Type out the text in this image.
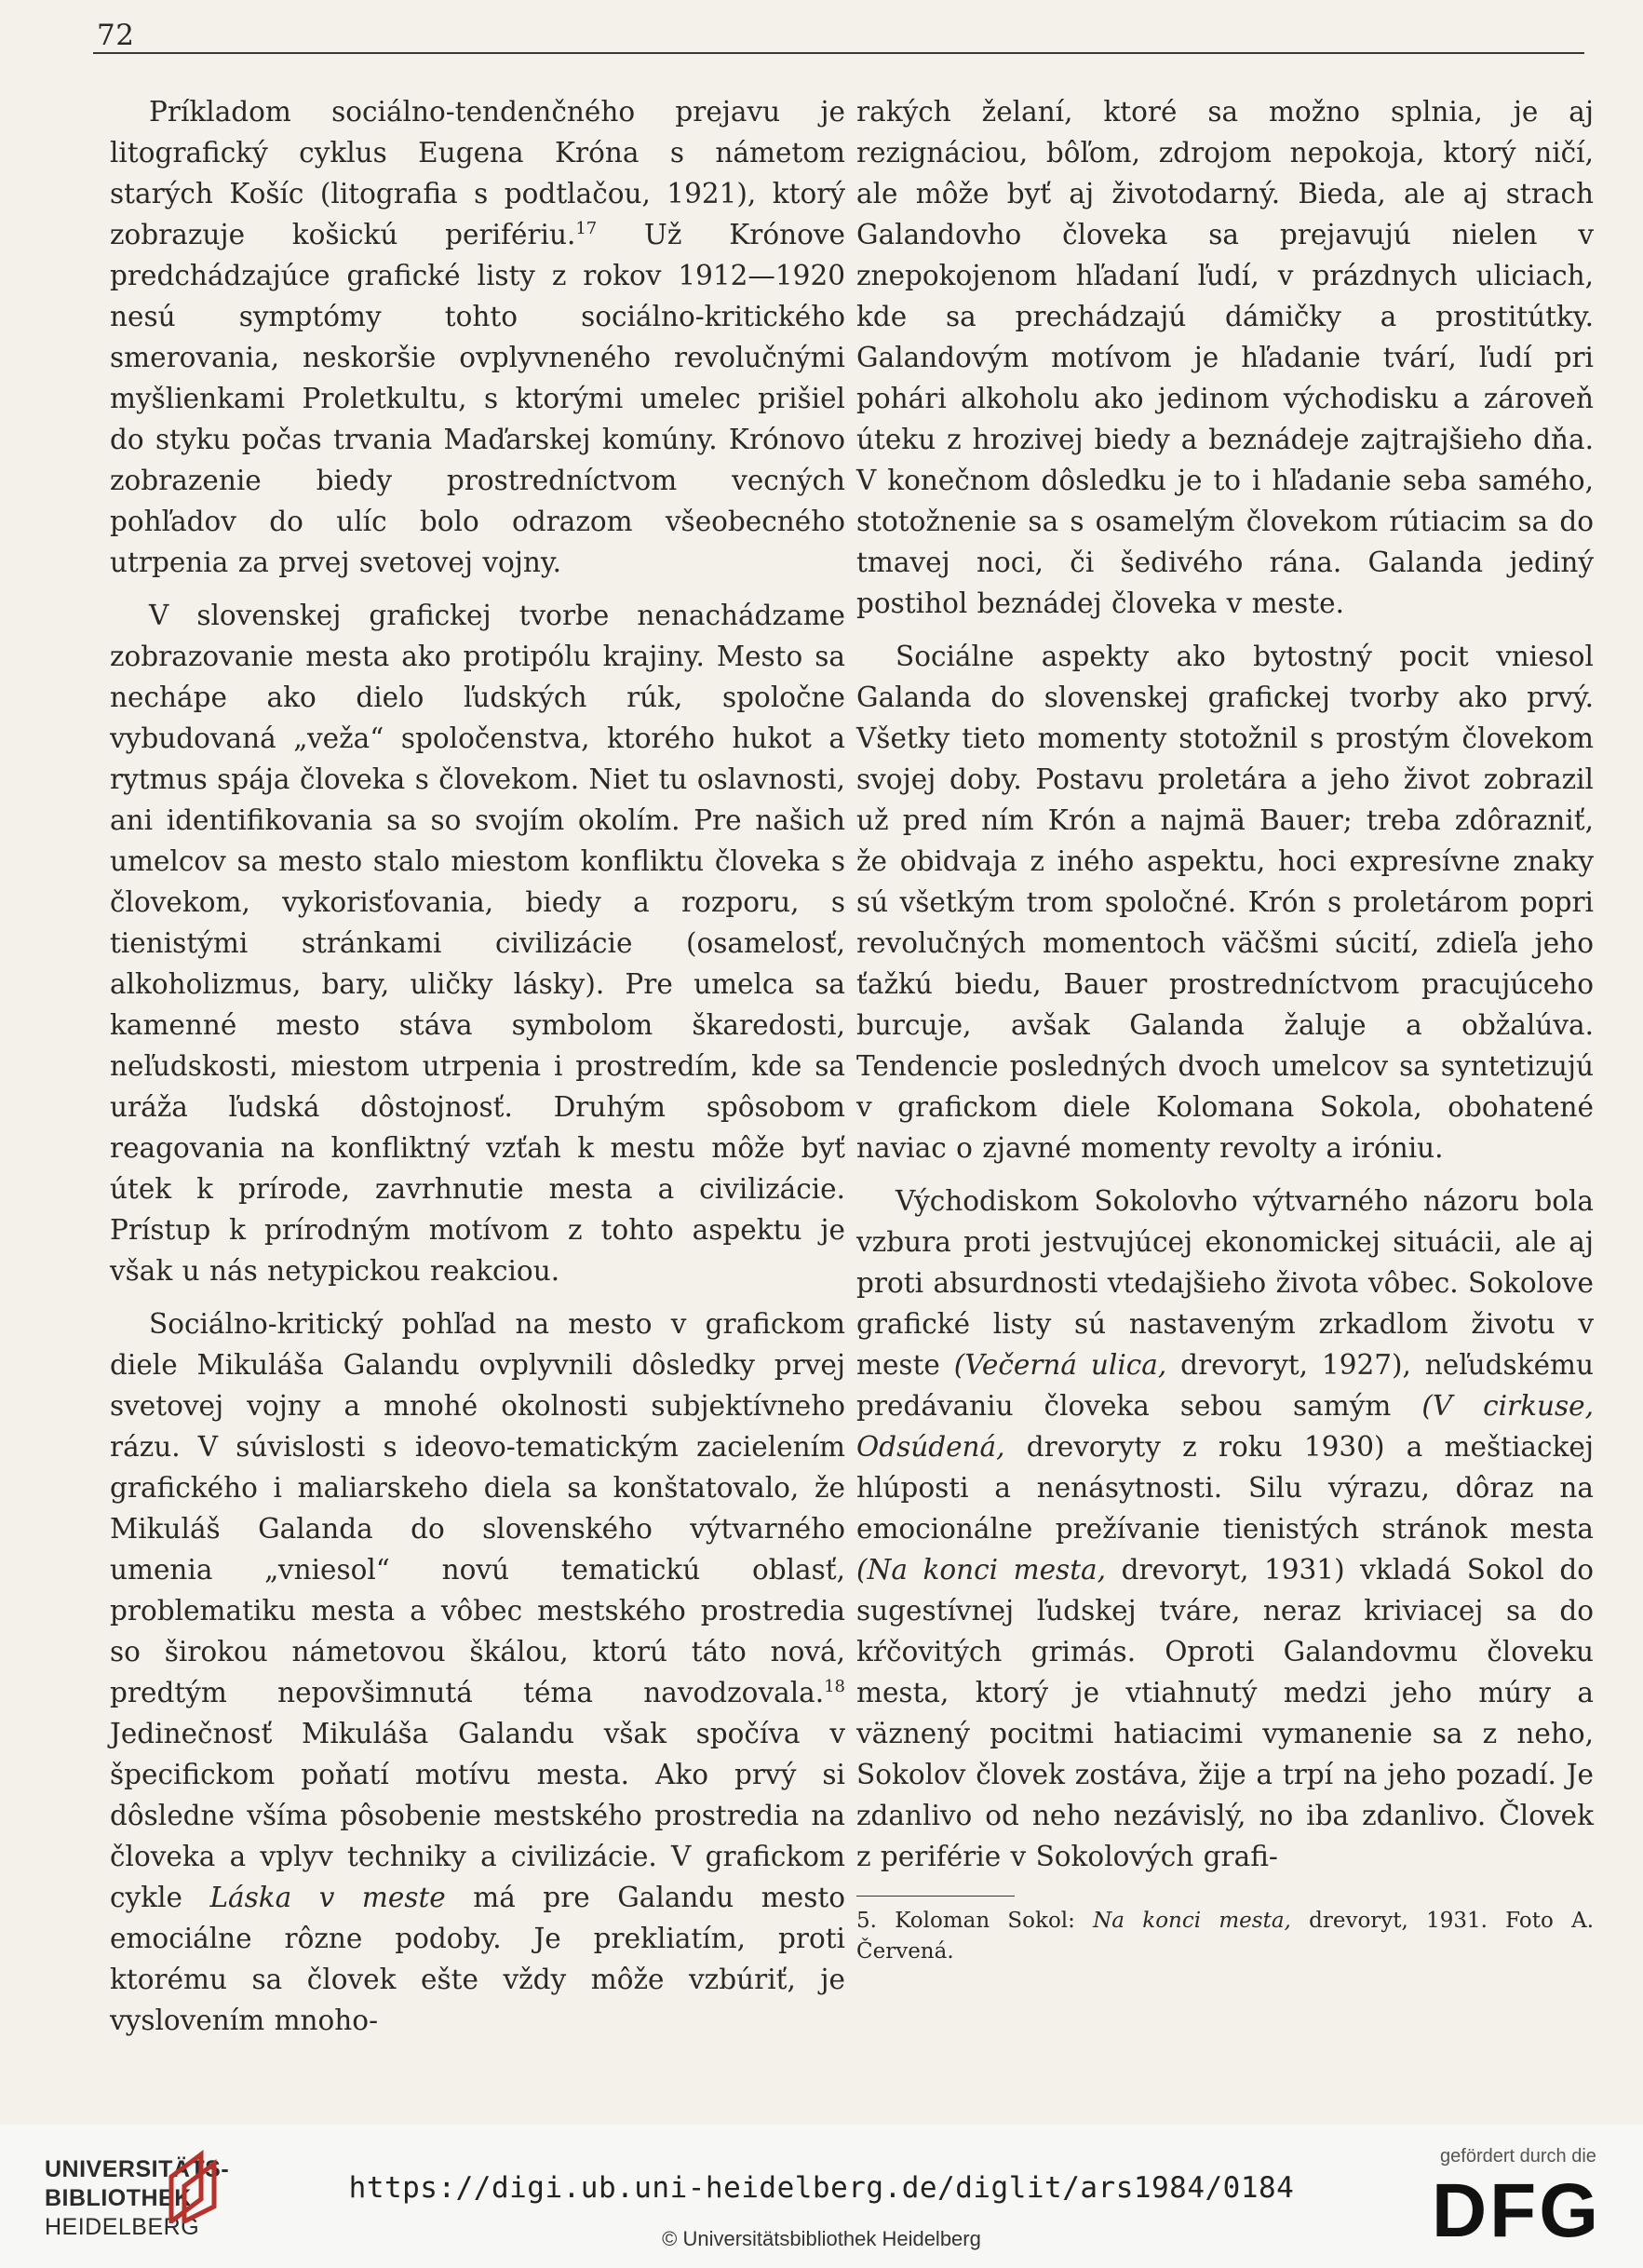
72

Príkladom sociálno-tendenčného prejavu je litografický cyklus Eugena Króna s námetom starých Košíc (litografia s podtlačou, 1921), ktorý zobrazuje košickú perifériu.$^{17}$ Už Krónove predchádzajúce grafické listy z rokov 1912—1920 nesú symptómy tohto sociálno-kritického smerovania, neskoršie ovplyvneného revolučnými myšlienkami Proletkultu, s ktorými umelec prišiel do styku počas trvania Maďarskej komúny. Krónovo zobrazenie biedy prostredníctvom vecných pohľadov do ulíc bolo odrazom všeobecného utrpenia za prvej svetovej vojny.

V slovenskej grafickej tvorbe nenachádzame zobrazovanie mesta ako protipólu krajiny. Mesto sa nechápe ako dielo ľudských rúk, spoločne vybudovaná „veža“ spoločenstva, ktorého hukot a rytmus spája človeka s človekom. Niet tu oslavnosti, ani identifikovania sa so svojím okolím. Pre našich umelcov sa mesto stalo miestom konfliktu človeka s človekom, vykorisťovania, biedy a rozporu, s tienistými stránkami civilizácie (osamelosť, alkoholizmus, bary, uličky lásky). Pre umelca sa kamenné mesto stáva symbolom škaredosti, neľudskosti, miestom utrpenia i prostredím, kde sa uráža ľudská dôstojnosť. Druhým spôsobom reagovania na konfliktný vzťah k mestu môže byť útek k prírode, zavrhnutie mesta a civilizácie. Prístup k prírodným motívom z tohto aspektu je však u nás netypickou reakciou.

Sociálno-kritický pohľad na mesto v grafickom diele Mikuláša Galandu ovplyvnili dôsledky prvej svetovej vojny a mnohé okolnosti subjektívneho rázu. V súvislosti s ideovo-tematickým zacielením grafického i maliarskeho diela sa konštatovalo, že Mikuláš Galanda do slovenského výtvarného umenia „vniesol“ novú tematickú oblasť, problematiku mesta a vôbec mestského prostredia so širokou námetovou škálou, ktorú táto nová, predtým nepovšimnutá téma navodzovala.$^{18}$ Jedinečnosť Mikuláša Galandu však spočíva v špecifickom poňatí motívu mesta. Ako prvý si dôsledne všíma pôsobenie mestského prostredia na človeka a vplyv techniky a civilizácie. V grafickom cykle Láska v meste má pre Galandu mesto emociálne rôzne podoby. Je prekliatím, proti ktorému sa človek ešte vždy môže vzbúriť, je vyslovením mnoho-

rakých želaní, ktoré sa možno splnia, je aj rezignáciou, bôľom, zdrojom nepokoja, ktorý ničí, ale môže byť aj životodarný. Bieda, ale aj strach Galandovho človeka sa prejavujú nielen v znepokojenom hľadaní ľudí, v prázdnych uliciach, kde sa prechádzajú dámičky a prostitútky. Galandovým motívom je hľadanie tvárí, ľudí pri pohári alkoholu ako jedinom východisku a zároveň úteku z hrozivej biedy a beznádeje zajtrajšieho dňa. V konečnom dôsledku je to i hľadanie seba samého, stotožnenie sa s osamelým človekom rútiacim sa do tmavej noci, či šedivého rána. Galanda jediný postihol beznádej človeka v meste.

Sociálne aspekty ako bytostný pocit vniesol Galanda do slovenskej grafickej tvorby ako prvý. Všetky tieto momenty stotožnil s prostým človekom svojej doby. Postavu proletára a jeho život zobrazil už pred ním Krón a najmä Bauer; treba zdôrazniť, že obidvaja z iného aspektu, hoci expresívne znaky sú všetkým trom spoločné. Krón s proletárom popri revolučných momentoch väčšmi súcití, zdieľa jeho ťažkú biedu, Bauer prostredníctvom pracujúceho burcuje, avšak Galanda žaluje a obžalúva. Tendencie posledných dvoch umelcov sa syntetizujú v grafickom diele Kolomana Sokola, obohatené naviac o zjavné momenty revolty a iróniu.

Východiskom Sokolovho výtvarného názoru bola vzbura proti jestvujúcej ekonomickej situácii, ale aj proti absurdnosti vtedajšieho života vôbec. Sokolove grafické listy sú nastaveným zrkadlom životu v meste (Večerná ulica, drevoryt, 1927), neľudskému predávaniu človeka sebou samým (V cirkuse, Odsúdená, drevoryty z roku 1930) a meštiackej hlúposti a nenásytnosti. Silu výrazu, dôraz na emocionálne prežívanie tienistých stránok mesta (Na konci mesta, drevoryt, 1931) vkladá Sokol do sugestívnej ľudskej tváre, neraz kriviacej sa do kŕčovitých grimás. Oproti Galandovmu človeku mesta, ktorý je vtiahnutý medzi jeho múry a väznený pocitmi hatiacimi vymanenie sa z neho, Sokolov človek zostáva, žije a trpí na jeho pozadí. Je zdanlivo od neho nezávislý, no iba zdanlivo. Človek z periférie v Sokolových grafi-

5. Koloman Sokol: Na konci mesta, drevoryt, 1931. Foto A. Červená.

UNIVERSITÄTS-
BIBLIOTHEK
HEIDELBERG
https://digi.ub.uni-heidelberg.de/diglit/ars1984/0184
© Universitätsbibliothek Heidelberg
gefördert durch die
DFG
